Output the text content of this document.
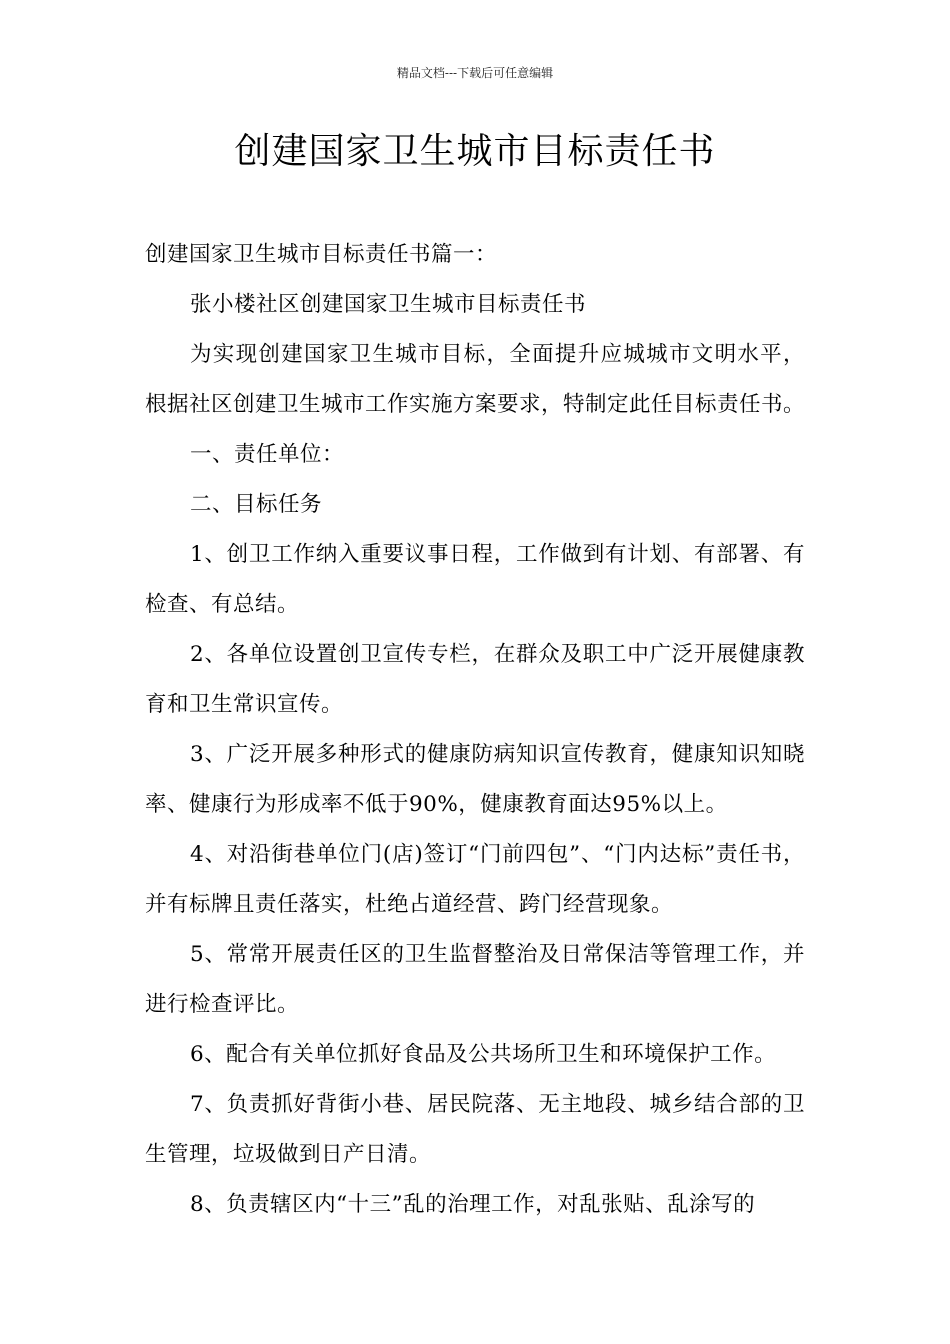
精品文档---下载后可任意编辑
创建国家卫生城市目标责任书

创建国家卫生城市目标责任书篇一：

张小楼社区创建国家卫生城市目标责任书

为实现创建国家卫生城市目标，全面提升应城城市文明水平，根据社区创建卫生城市工作实施方案要求，特制定此任目标责任书。

一、责任单位：

二、目标任务

1、创卫工作纳入重要议事日程，工作做到有计划、有部署、有检查、有总结。

2、各单位设置创卫宣传专栏，在群众及职工中广泛开展健康教育和卫生常识宣传。

3、广泛开展多种形式的健康防病知识宣传教育，健康知识知晓率、健康行为形成率不低于90%，健康教育面达95%以上。

4、对沿街巷单位门(店)签订“门前四包”、“门内达标”责任书，并有标牌且责任落实，杜绝占道经营、跨门经营现象。

5、常常开展责任区的卫生监督整治及日常保洁等管理工作，并进行检查评比。

6、配合有关单位抓好食品及公共场所卫生和环境保护工作。

7、负责抓好背街小巷、居民院落、无主地段、城乡结合部的卫生管理，垃圾做到日产日清。

8、负责辖区内“十三”乱的治理工作，对乱张贴、乱涂写的
